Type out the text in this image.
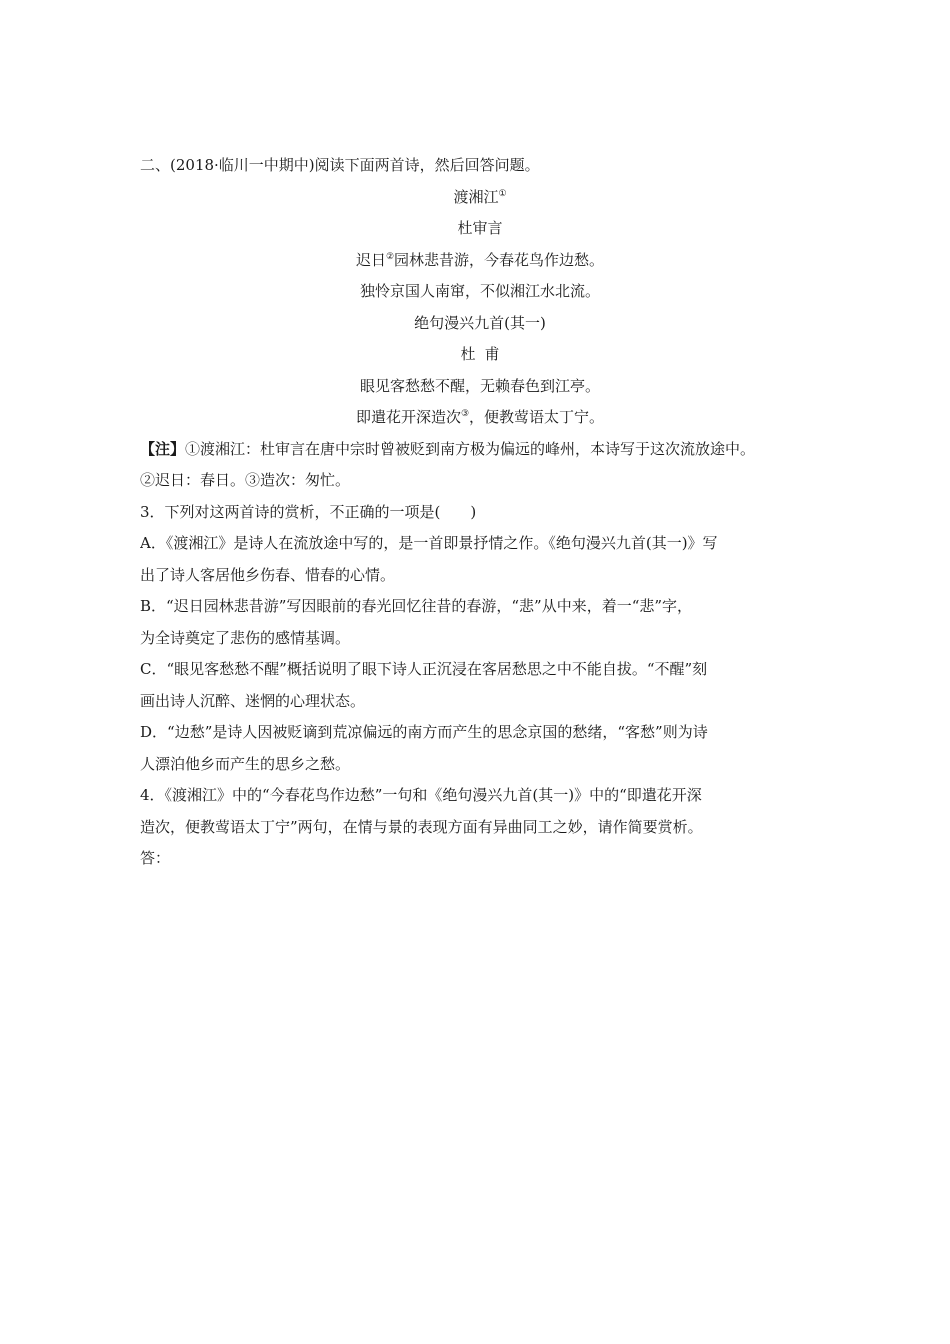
二、(2018·临川一中期中)阅读下面两首诗，然后回答问题。
渡湘江①
杜审言
迟日②园林悲昔游，今春花鸟作边愁。
独怜京国人南窜，不似湘江水北流。
绝句漫兴九首(其一)
杜甫
眼见客愁愁不醒，无赖春色到江亭。
即遣花开深造次③，便教莺语太丁宁。
【注】①渡湘江：杜审言在唐中宗时曾被贬到南方极为偏远的峰州，本诗写于这次流放途中。
②迟日：春日。③造次：匆忙。
3．下列对这两首诗的赏析，不正确的一项是(　　)
A．《渡湘江》是诗人在流放途中写的，是一首即景抒情之作。《绝句漫兴九首(其一)》写
出了诗人客居他乡伤春、惜春的心情。
B．“迟日园林悲昔游”写因眼前的春光回忆往昔的春游，“悲”从中来，着一“悲”字，
为全诗奠定了悲伤的感情基调。
C．“眼见客愁愁不醒”概括说明了眼下诗人正沉浸在客居愁思之中不能自拔。“不醒”刻
画出诗人沉醉、迷惘的心理状态。
D．“边愁”是诗人因被贬谪到荒凉偏远的南方而产生的思念京国的愁绪，“客愁”则为诗
人漂泊他乡而产生的思乡之愁。
4．《渡湘江》中的“今春花鸟作边愁”一句和《绝句漫兴九首(其一)》中的“即遣花开深
造次，便教莺语太丁宁”两句，在情与景的表现方面有异曲同工之妙，请作简要赏析。
答：
